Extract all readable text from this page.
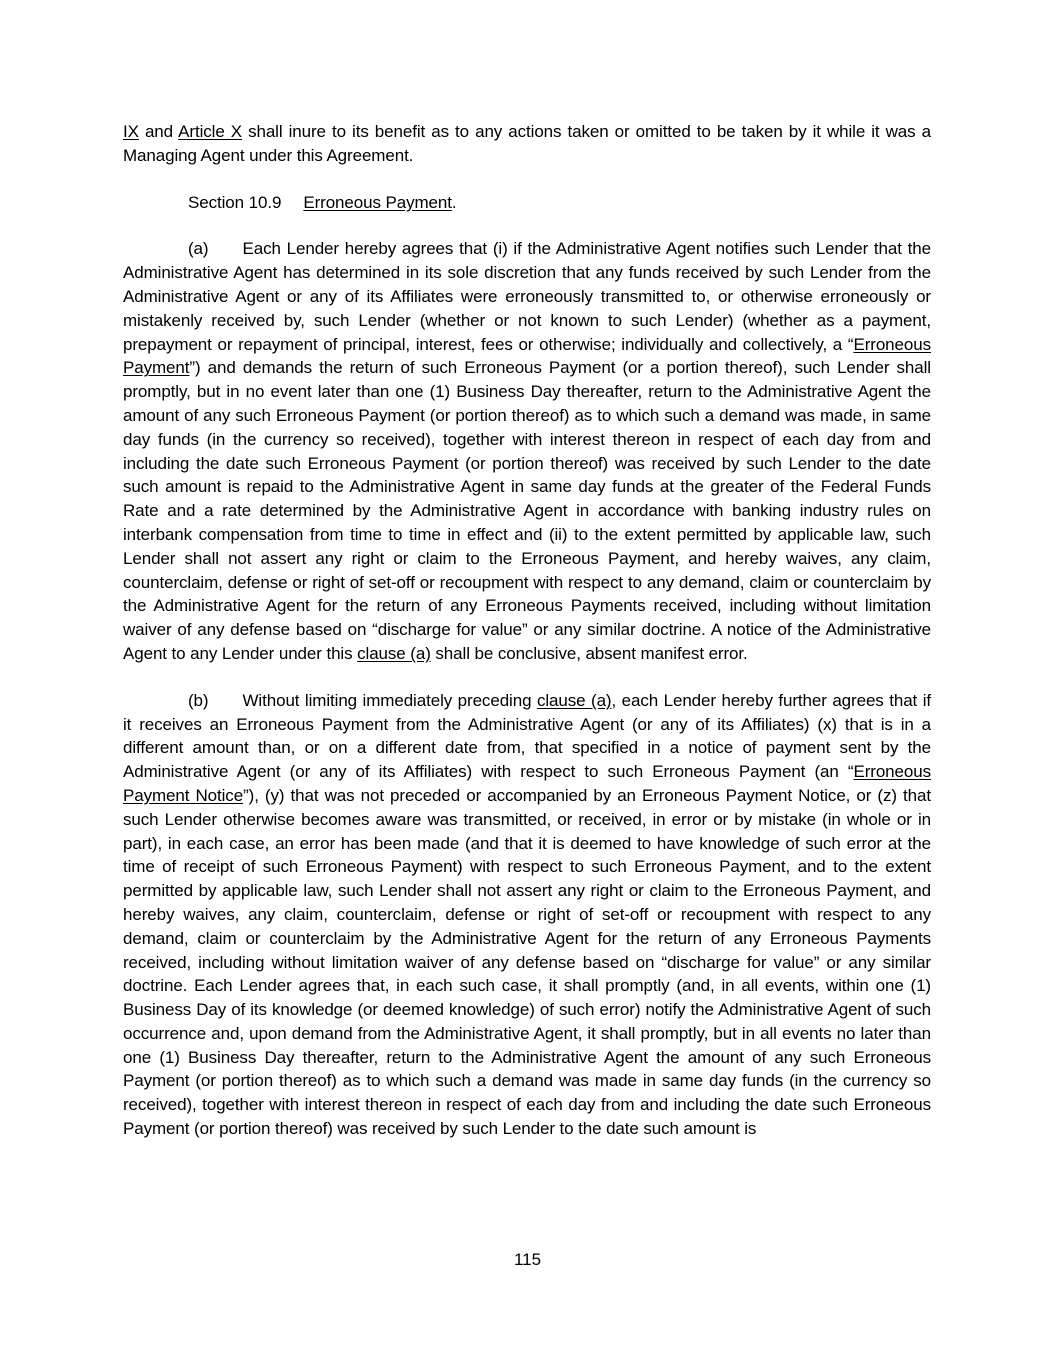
IX and Article X shall inure to its benefit as to any actions taken or omitted to be taken by it while it was a Managing Agent under this Agreement.

Section 10.9 Erroneous Payment.

(a) Each Lender hereby agrees that (i) if the Administrative Agent notifies such Lender that the Administrative Agent has determined in its sole discretion that any funds received by such Lender from the Administrative Agent or any of its Affiliates were erroneously transmitted to, or otherwise erroneously or mistakenly received by, such Lender (whether or not known to such Lender) (whether as a payment, prepayment or repayment of principal, interest, fees or otherwise; individually and collectively, a “Erroneous Payment”) and demands the return of such Erroneous Payment (or a portion thereof), such Lender shall promptly, but in no event later than one (1) Business Day thereafter, return to the Administrative Agent the amount of any such Erroneous Payment (or portion thereof) as to which such a demand was made, in same day funds (in the currency so received), together with interest thereon in respect of each day from and including the date such Erroneous Payment (or portion thereof) was received by such Lender to the date such amount is repaid to the Administrative Agent in same day funds at the greater of the Federal Funds Rate and a rate determined by the Administrative Agent in accordance with banking industry rules on interbank compensation from time to time in effect and (ii) to the extent permitted by applicable law, such Lender shall not assert any right or claim to the Erroneous Payment, and hereby waives, any claim, counterclaim, defense or right of set-off or recoupment with respect to any demand, claim or counterclaim by the Administrative Agent for the return of any Erroneous Payments received, including without limitation waiver of any defense based on “discharge for value” or any similar doctrine. A notice of the Administrative Agent to any Lender under this clause (a) shall be conclusive, absent manifest error.

(b) Without limiting immediately preceding clause (a), each Lender hereby further agrees that if it receives an Erroneous Payment from the Administrative Agent (or any of its Affiliates) (x) that is in a different amount than, or on a different date from, that specified in a notice of payment sent by the Administrative Agent (or any of its Affiliates) with respect to such Erroneous Payment (an “Erroneous Payment Notice”), (y) that was not preceded or accompanied by an Erroneous Payment Notice, or (z) that such Lender otherwise becomes aware was transmitted, or received, in error or by mistake (in whole or in part), in each case, an error has been made (and that it is deemed to have knowledge of such error at the time of receipt of such Erroneous Payment) with respect to such Erroneous Payment, and to the extent permitted by applicable law, such Lender shall not assert any right or claim to the Erroneous Payment, and hereby waives, any claim, counterclaim, defense or right of set-off or recoupment with respect to any demand, claim or counterclaim by the Administrative Agent for the return of any Erroneous Payments received, including without limitation waiver of any defense based on “discharge for value” or any similar doctrine. Each Lender agrees that, in each such case, it shall promptly (and, in all events, within one (1) Business Day of its knowledge (or deemed knowledge) of such error) notify the Administrative Agent of such occurrence and, upon demand from the Administrative Agent, it shall promptly, but in all events no later than one (1) Business Day thereafter, return to the Administrative Agent the amount of any such Erroneous Payment (or portion thereof) as to which such a demand was made in same day funds (in the currency so received), together with interest thereon in respect of each day from and including the date such Erroneous Payment (or portion thereof) was received by such Lender to the date such amount is

115
